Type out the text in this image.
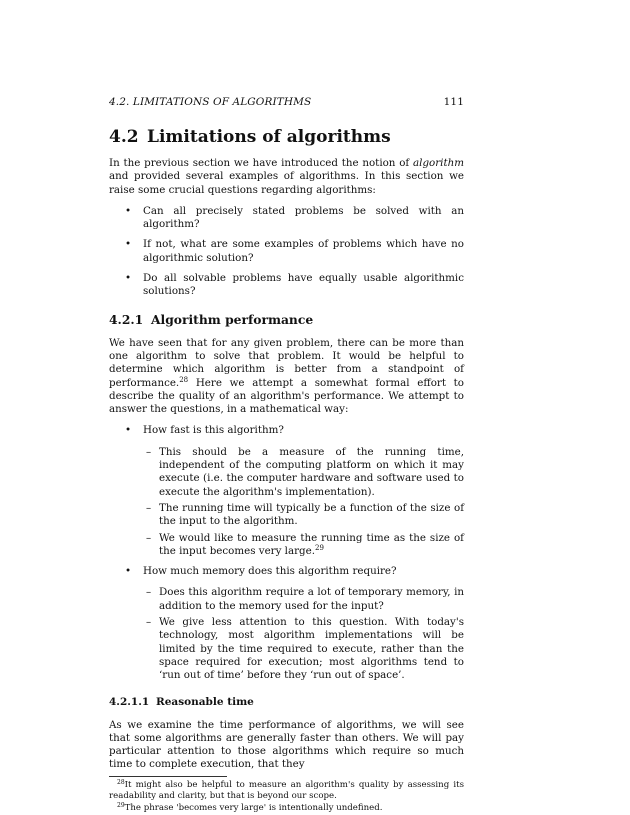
4.2. LIMITATIONS OF ALGORITHMS	111
4.2 Limitations of algorithms

In the previous section we have introduced the notion of algorithm and provided several examples of algorithms. In this section we raise some crucial questions regarding algorithms:

• Can all precisely stated problems be solved with an algorithm?
• If not, what are some examples of problems which have no algorithmic solution?
• Do all solvable problems have equally usable algorithmic solutions?
4.2.1 Algorithm performance

We have seen that for any given problem, there can be more than one algorithm to solve that problem. It would be helpful to determine which algorithm is better from a standpoint of performance.$^{28}$ Here we attempt a somewhat formal effort to describe the quality of an algorithm's performance. We attempt to answer the questions, in a mathematical way:

• How fast is this algorithm?
– This should be a measure of the running time, independent of the computing platform on which it may execute (i.e. the computer hardware and software used to execute the algorithm's implementation).
– The running time will typically be a function of the size of the input to the algorithm.
– We would like to measure the running time as the size of the input becomes very large.$^{29}$
• How much memory does this algorithm require?
– Does this algorithm require a lot of temporary memory, in addition to the memory used for the input?
– We give less attention to this question. With today's technology, most algorithm implementations will be limited by the time required to execute, rather than the space required for execution; most algorithms tend to ‘run out of time’ before they ‘run out of space’.
4.2.1.1 Reasonable time

As we examine the time performance of algorithms, we will see that some algorithms are generally faster than others. We will pay particular attention to those algorithms which require so much time to complete execution, that they

$^{28}$It might also be helpful to measure an algorithm's quality by assessing its readability and clarity, but that is beyond our scope.

$^{29}$The phrase 'becomes very large' is intentionally undefined.
